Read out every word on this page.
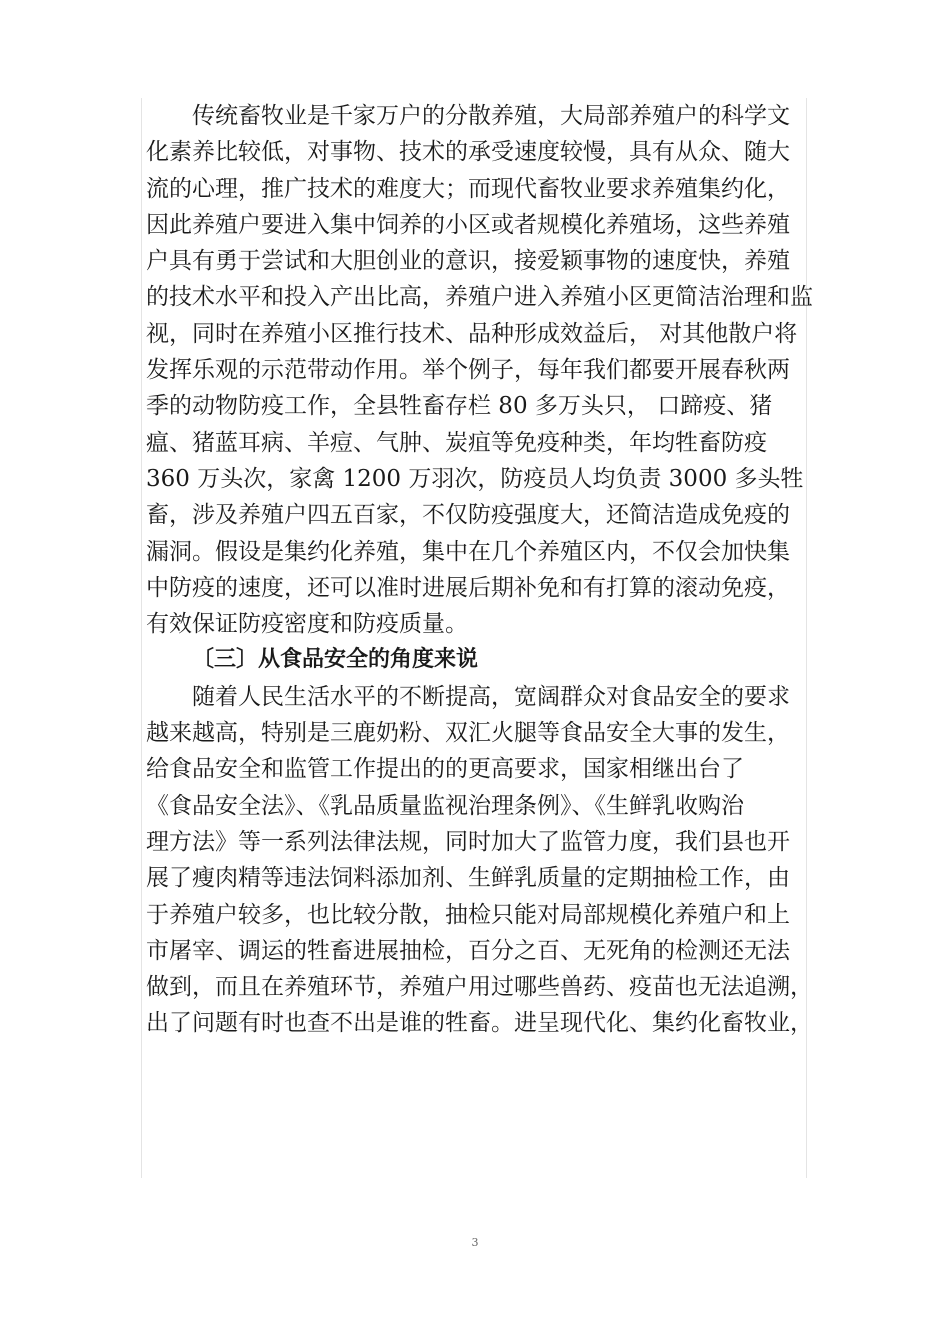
传统畜牧业是千家万户的分散养殖，大局部养殖户的科学文
化素养比较低，对事物、技术的承受速度较慢，具有从众、随大
流的心理，推广技术的难度大；而现代畜牧业要求养殖集约化，
因此养殖户要进入集中饲养的小区或者规模化养殖场，这些养殖
户具有勇于尝试和大胆创业的意识，接爱颖事物的速度快，养殖
的技术水平和投入产出比高，养殖户进入养殖小区更简洁治理和监
视，同时在养殖小区推行技术、品种形成效益后， 对其他散户将
发挥乐观的示范带动作用。举个例子，每年我们都要开展春秋两
季的动物防疫工作，全县牲畜存栏 80 多万头只， 口蹄疫、猪
瘟、猪蓝耳病、羊痘、气肿、炭疽等免疫种类，年均牲畜防疫
360 万头次，家禽 1200 万羽次，防疫员人均负责 3000 多头牲
畜，涉及养殖户四五百家，不仅防疫强度大，还简洁造成免疫的
漏洞。假设是集约化养殖，集中在几个养殖区内，不仅会加快集
中防疫的速度，还可以准时进展后期补免和有打算的滚动免疫，
有效保证防疫密度和防疫质量。
〔三〕从食品安全的角度来说
随着人民生活水平的不断提高，宽阔群众对食品安全的要求
越来越高，特别是三鹿奶粉、双汇火腿等食品安全大事的发生，
给食品安全和监管工作提出的的更高要求，国家相继出台了
《食品安全法》、《乳品质量监视治理条例》、《生鲜乳收购治
理方法》等一系列法律法规，同时加大了监管力度，我们县也开
展了瘦肉精等违法饲料添加剂、生鲜乳质量的定期抽检工作，由
于养殖户较多，也比较分散，抽检只能对局部规模化养殖户和上
市屠宰、调运的牲畜进展抽检，百分之百、无死角的检测还无法
做到，而且在养殖环节，养殖户用过哪些兽药、疫苗也无法追溯，
出了问题有时也查不出是谁的牲畜。进呈现代化、集约化畜牧业，
3
